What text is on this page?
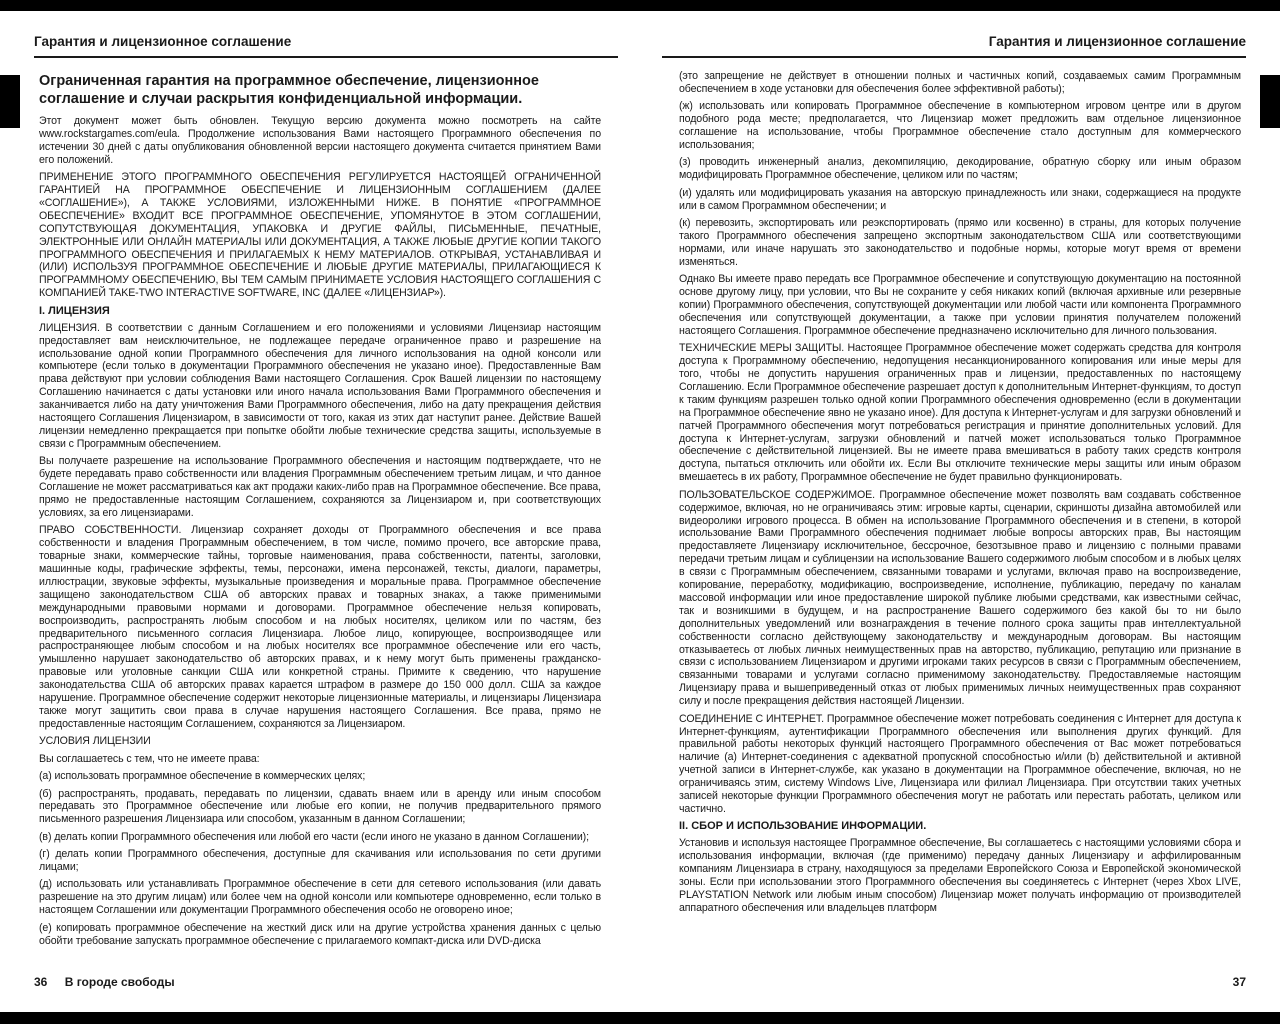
Гарантия и лицензионное соглашение	Гарантия и лицензионное соглашение
Ограниченная гарантия на программное обеспечение, лицензионное соглашение и случаи раскрытия конфиденциальной информации.
Этот документ может быть обновлен. Текущую версию документа можно посмотреть на сайте www.rockstargames.com/eula. Продолжение использования Вами настоящего Программного обеспечения по истечении 30 дней с даты опубликования обновленной версии настоящего документа считается принятием Вами его положений.
ПРИМЕНЕНИЕ ЭТОГО ПРОГРАММНОГО ОБЕСПЕЧЕНИЯ РЕГУЛИРУЕТСЯ НАСТОЯЩЕЙ ОГРАНИЧЕННОЙ ГАРАНТИЕЙ НА ПРОГРАММНОЕ ОБЕСПЕЧЕНИЕ И ЛИЦЕНЗИОННЫМ СОГЛАШЕНИЕМ (ДАЛЕЕ «СОГЛАШЕНИЕ»), А ТАКЖЕ УСЛОВИЯМИ, ИЗЛОЖЕННЫМИ НИЖЕ. В ПОНЯТИЕ «ПРОГРАММНОЕ ОБЕСПЕЧЕНИЕ» ВХОДИТ ВСЕ ПРОГРАММНОЕ ОБЕСПЕЧЕНИЕ, УПОМЯНУТОЕ В ЭТОМ СОГЛАШЕНИИ, СОПУТСТВУЮЩАЯ ДОКУМЕНТАЦИЯ, УПАКОВКА И ДРУГИЕ ФАЙЛЫ, ПИСЬМЕННЫЕ, ПЕЧАТНЫЕ, ЭЛЕКТРОННЫЕ ИЛИ ОНЛАЙН МАТЕРИАЛЫ ИЛИ ДОКУМЕНТАЦИЯ, А ТАКЖЕ ЛЮБЫЕ ДРУГИЕ КОПИИ ТАКОГО ПРОГРАММНОГО ОБЕСПЕЧЕНИЯ И ПРИЛАГАЕМЫХ К НЕМУ МАТЕРИАЛОВ. ОТКРЫВАЯ, УСТАНАВЛИВАЯ И (ИЛИ) ИСПОЛЬЗУЯ ПРОГРАММНОЕ ОБЕСПЕЧЕНИЕ И ЛЮБЫЕ ДРУГИЕ МАТЕРИАЛЫ, ПРИЛАГАЮЩИЕСЯ К ПРОГРАММНОМУ ОБЕСПЕЧЕНИЮ, ВЫ ТЕМ САМЫМ ПРИНИМАЕТЕ УСЛОВИЯ НАСТОЯЩЕГО СОГЛАШЕНИЯ С КОМПАНИЕЙ TAKE-TWO INTERACTIVE SOFTWARE, INC (ДАЛЕЕ «ЛИЦЕНЗИАР»).
I. ЛИЦЕНЗИЯ
ЛИЦЕНЗИЯ. В соответствии с данным Соглашением и его положениями и условиями Лицензиар настоящим предоставляет вам неисключительное, не подлежащее передаче ограниченное право и разрешение на использование одной копии Программного обеспечения для личного использования на одной консоли или компьютере (если только в документации Программного обеспечения не указано иное). Предоставленные Вам права действуют при условии соблюдения Вами настоящего Соглашения. Срок Вашей лицензии по настоящему Соглашению начинается с даты установки или иного начала использования Вами Программного обеспечения и заканчивается либо на дату уничтожения Вами Программного обеспечения, либо на дату прекращения действия настоящего Соглашения Лицензиаром, в зависимости от того, какая из этих дат наступит ранее. Действие Вашей лицензии немедленно прекращается при попытке обойти любые технические средства защиты, используемые в связи с Программным обеспечением.
Вы получаете разрешение на использование Программного обеспечения и настоящим подтверждаете, что не будете передавать право собственности или владения Программным обеспечением третьим лицам, и что данное Соглашение не может рассматриваться как акт продажи каких-либо прав на Программное обеспечение. Все права, прямо не предоставленные настоящим Соглашением, сохраняются за Лицензиаром и, при соответствующих условиях, за его лицензиарами.
ПРАВО СОБСТВЕННОСТИ. Лицензиар сохраняет доходы от Программного обеспечения и все права собственности и владения Программным обеспечением, в том числе, помимо прочего, все авторские права, товарные знаки, коммерческие тайны, торговые наименования, права собственности, патенты, заголовки, машинные коды, графические эффекты, темы, персонажи, имена персонажей, тексты, диалоги, параметры, иллюстрации, звуковые эффекты, музыкальные произведения и моральные права. Программное обеспечение защищено законодательством США об авторских правах и товарных знаках, а также применимыми международными правовыми нормами и договорами. Программное обеспечение нельзя копировать, воспроизводить, распространять любым способом и на любых носителях, целиком или по частям, без предварительного письменного согласия Лицензиара. Любое лицо, копирующее, воспроизводящее или распространяющее любым способом и на любых носителях все программное обеспечение или его часть, умышленно нарушает законодательство об авторских правах, и к нему могут быть применены гражданско-правовые или уголовные санкции США или конкретной страны. Примите к сведению, что нарушение законодательства США об авторских правах карается штрафом в размере до 150 000 долл. США за каждое нарушение. Программное обеспечение содержит некоторые лицензионные материалы, и лицензиары Лицензиара также могут защитить свои права в случае нарушения настоящего Соглашения. Все права, прямо не предоставленные настоящим Соглашением, сохраняются за Лицензиаром.
УСЛОВИЯ ЛИЦЕНЗИИ
Вы соглашаетесь с тем, что не имеете права:
(а) использовать программное обеспечение в коммерческих целях;
(б) распространять, продавать, передавать по лицензии, сдавать внаем или в аренду или иным способом передавать это Программное обеспечение или любые его копии, не получив предварительного прямого письменного разрешения Лицензиара или способом, указанным в данном Соглашении;
(в) делать копии Программного обеспечения или любой его части (если иного не указано в данном Соглашении);
(г) делать копии Программного обеспечения, доступные для скачивания или использования по сети другими лицами;
(д) использовать или устанавливать Программное обеспечение в сети для сетевого использования (или давать разрешение на это другим лицам) или более чем на одной консоли или компьютере одновременно, если только в настоящем Соглашении или документации Программного обеспечения особо не оговорено иное;
(е) копировать программное обеспечение на жесткий диск или на другие устройства хранения данных с целью обойти требование запускать программное обеспечение с прилагаемого компакт-диска или DVD-диска
(это запрещение не действует в отношении полных и частичных копий, создаваемых самим Программным обеспечением в ходе установки для обеспечения более эффективной работы);
(ж) использовать или копировать Программное обеспечение в компьютерном игровом центре или в другом подобного рода месте; предполагается, что Лицензиар может предложить вам отдельное лицензионное соглашение на использование, чтобы Программное обеспечение стало доступным для коммерческого использования;
(з) проводить инженерный анализ, декомпиляцию, декодирование, обратную сборку или иным образом модифицировать Программное обеспечение, целиком или по частям;
(и) удалять или модифицировать указания на авторскую принадлежность или знаки, содержащиеся на продукте или в самом Программном обеспечении; и
(к) перевозить, экспортировать или реэкспортировать (прямо или косвенно) в страны, для которых получение такого Программного обеспечения запрещено экспортным законодательством США или соответствующими нормами, или иначе нарушать это законодательство и подобные нормы, которые могут время от времени изменяться.
Однако Вы имеете право передать все Программное обеспечение и сопутствующую документацию на постоянной основе другому лицу, при условии, что Вы не сохраните у себя никаких копий (включая архивные или резервные копии) Программного обеспечения, сопутствующей документации или любой части или компонента Программного обеспечения или сопутствующей документации, а также при условии принятия получателем положений настоящего Соглашения. Программное обеспечение предназначено исключительно для личного пользования.
ТЕХНИЧЕСКИЕ МЕРЫ ЗАЩИТЫ. Настоящее Программное обеспечение может содержать средства для контроля доступа к Программному обеспечению, недопущения несанкционированного копирования или иные меры для того, чтобы не допустить нарушения ограниченных прав и лицензии, предоставленных по настоящему Соглашению. Если Программное обеспечение разрешает доступ к дополнительным Интернет-функциям, то доступ к таким функциям разрешен только одной копии Программного обеспечения одновременно (если в документации на Программное обеспечение явно не указано иное). Для доступа к Интернет-услугам и для загрузки обновлений и патчей Программного обеспечения могут потребоваться регистрация и принятие дополнительных условий. Для доступа к Интернет-услугам, загрузки обновлений и патчей может использоваться только Программное обеспечение с действительной лицензией. Вы не имеете права вмешиваться в работу таких средств контроля доступа, пытаться отключить или обойти их. Если Вы отключите технические меры защиты или иным образом вмешаетесь в их работу, Программное обеспечение не будет правильно функционировать.
ПОЛЬЗОВАТЕЛЬСКОЕ СОДЕРЖИМОЕ. Программное обеспечение может позволять вам создавать собственное содержимое, включая, но не ограничиваясь этим: игровые карты, сценарии, скриншоты дизайна автомобилей или видеоролики игрового процесса. В обмен на использование Программного обеспечения и в степени, в которой использование Вами Программного обеспечения поднимает любые вопросы авторских прав, Вы настоящим предоставляете Лицензиару исключительное, бессрочное, безотзывное право и лицензию с полными правами передачи третьим лицам и сублицензии на использование Вашего содержимого любым способом и в любых целях в связи с Программным обеспечением, связанными товарами и услугами, включая право на воспроизведение, копирование, переработку, модификацию, воспроизведение, исполнение, публикацию, передачу по каналам массовой информации или иное предоставление широкой публике любыми средствами, как известными сейчас, так и возникшими в будущем, и на распространение Вашего содержимого без какой бы то ни было дополнительных уведомлений или вознаграждения в течение полного срока защиты прав интеллектуальной собственности согласно действующему законодательству и международным договорам. Вы настоящим отказываетесь от любых личных неимущественных прав на авторство, публикацию, репутацию или признание в связи с использованием Лицензиаром и другими игроками таких ресурсов в связи с Программным обеспечением, связанными товарами и услугами согласно применимому законодательству. Предоставляемые настоящим Лицензиару права и вышеприведенный отказ от любых применимых личных неимущественных прав сохраняют силу и после прекращения действия настоящей Лицензии.
СОЕДИНЕНИЕ С ИНТЕРНЕТ. Программное обеспечение может потребовать соединения с Интернет для доступа к Интернет-функциям, аутентификации Программного обеспечения или выполнения других функций. Для правильной работы некоторых функций настоящего Программного обеспечения от Вас может потребоваться наличие (а) Интернет-соединения с адекватной пропускной способностью и/или (b) действительной и активной учетной записи в Интернет-службе, как указано в документации на Программное обеспечение, включая, но не ограничиваясь этим, систему Windows Live, Лицензиара или филиал Лицензиара. При отсутствии таких учетных записей некоторые функции Программного обеспечения могут не работать или перестать работать, целиком или частично.
II. СБОР И ИСПОЛЬЗОВАНИЕ ИНФОРМАЦИИ.
Установив и используя настоящее Программное обеспечение, Вы соглашаетесь с настоящими условиями сбора и использования информации, включая (где применимо) передачу данных Лицензиару и аффилированным компаниям Лицензиара в страну, находящуюся за пределами Европейского Союза и Европейской экономической зоны. Если при использовании этого Программного обеспечения вы соединяетесь с Интернет (через Xbox LIVE, PLAYSTATION Network или любым иным способом) Лицензиар может получать информацию от производителей аппаратного обеспечения или владельцев платформ
36 В городе свободы	37
